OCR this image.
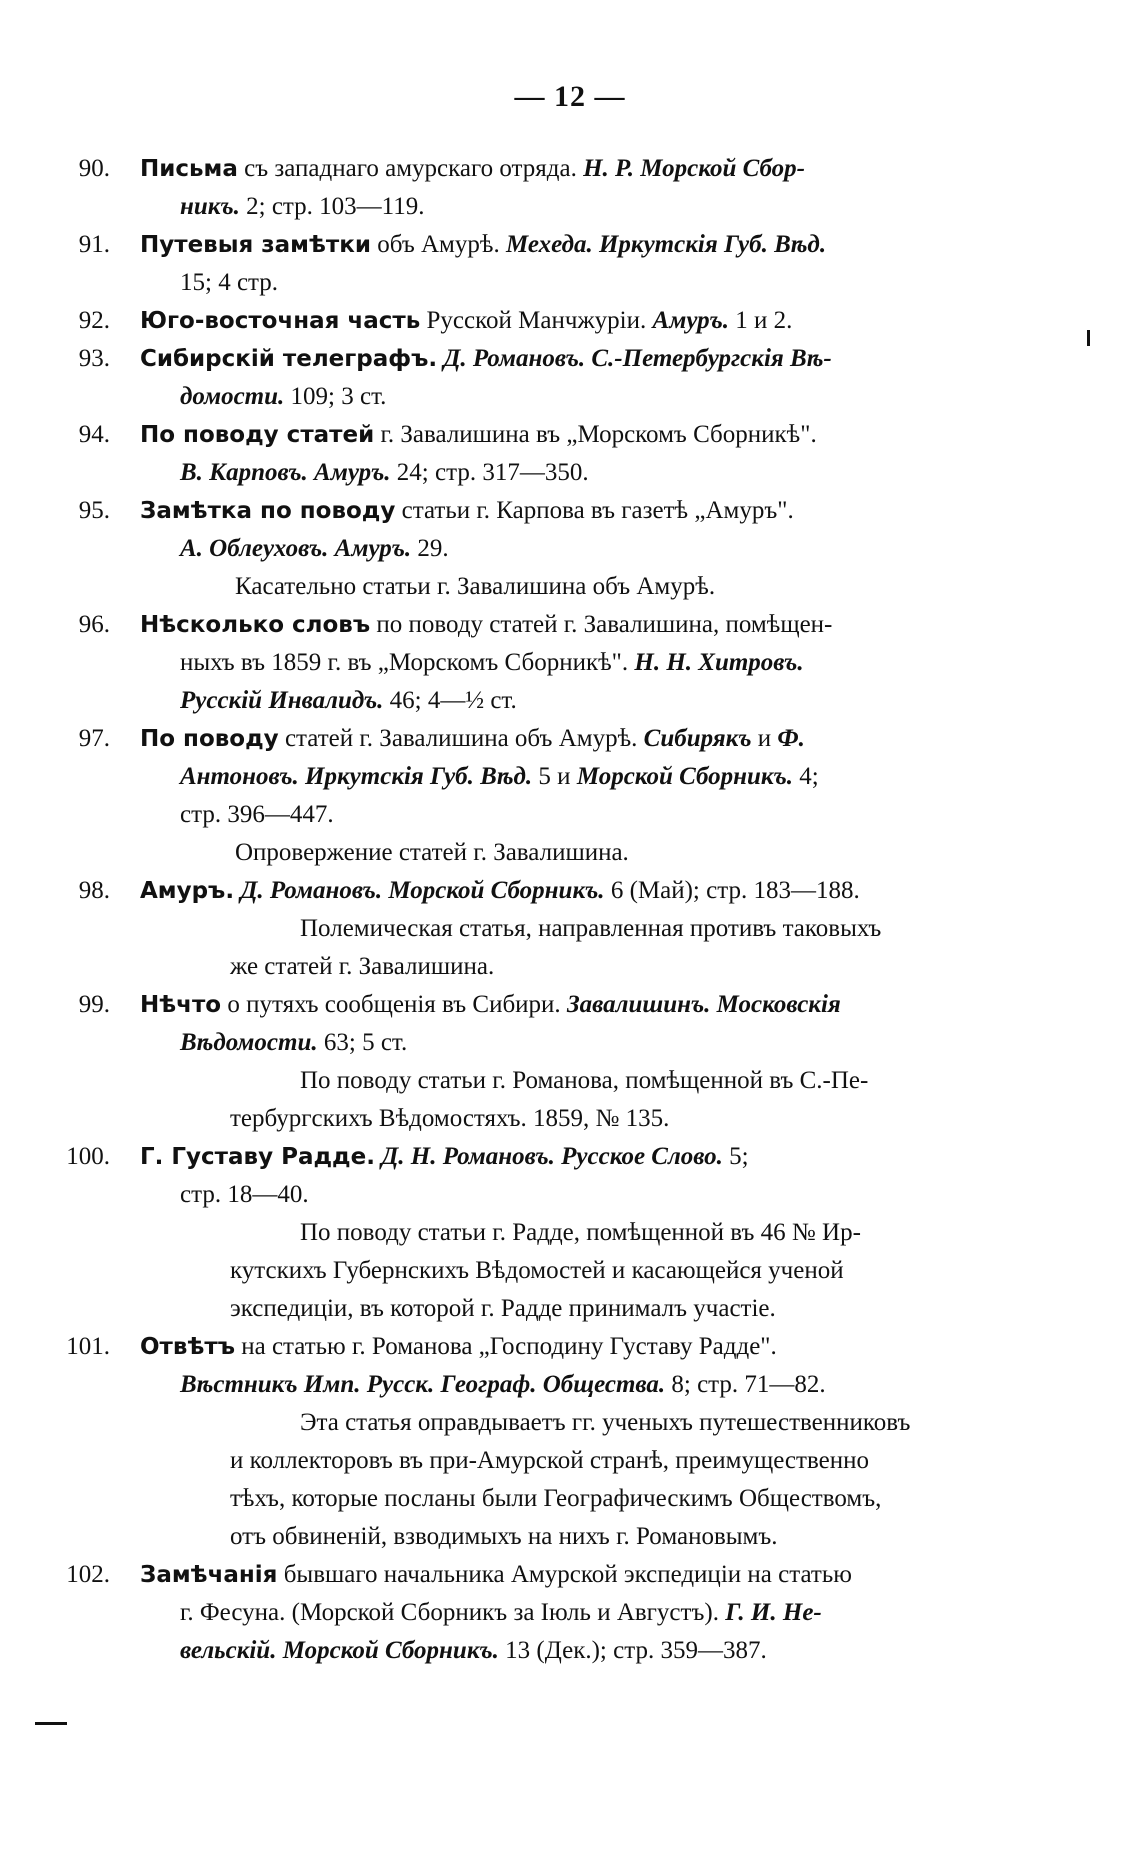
— 12 —
90. Письма съ западнаго амурскаго отряда. Н. Р. Морской Сбор-
никъ. 2; стр. 103—119.
91. Путевыя замѣтки объ Амурѣ. Мехеда. Иркутскія Губ. Вѣд.
15; 4 стр.
92. Юго-восточная часть Русской Манчжуріи. Амуръ. 1 и 2.
93. Сибирскій телеграфъ. Д. Романовъ. С.-Петербургскія Вѣ-
домости. 109; 3 ст.
94. По поводу статей г. Завалишина въ „Морскомъ Сборникѣ".
В. Карповъ. Амуръ. 24; стр. 317—350.
95. Замѣтка по поводу статьи г. Карпова въ газетѣ „Амуръ".
А. Облеуховъ. Амуръ. 29.
Касательно статьи г. Завалишина объ Амурѣ.
96. Нѣсколько словъ по поводу статей г. Завалишина, помѣщен-
ныхъ въ 1859 г. въ „Морскомъ Сборникѣ". Н. Н. Хитровъ.
Русскій Инвалидъ. 46; 4—½ ст.
97. По поводу статей г. Завалишина объ Амурѣ. Сибирякъ и Ф.
Антоновъ. Иркутскія Губ. Вѣд. 5 и Морской Сборникъ. 4;
стр. 396—447.
Опровержение статей г. Завалишина.
98. Амуръ. Д. Романовъ. Морской Сборникъ. 6 (Май); стр. 183—188.
Полемическая статья, направленная противъ таковыхъ
же статей г. Завалишина.
99. Нѣчто о путяхъ сообщенія въ Сибири. Завалишинъ. Московскія
Вѣдомости. 63; 5 ст.
По поводу статьи г. Романова, помѣщенной въ С.-Пе-
тербургскихъ Вѣдомостяхъ. 1859, № 135.
100. Г. Густаву Радде. Д. Н. Романовъ. Русское Слово. 5;
стр. 18—40.
По поводу статьи г. Радде, помѣщенной въ 46 № Ир-
кутскихъ Губернскихъ Вѣдомостей и касающейся ученой
экспедиціи, въ которой г. Радде принималъ участіе.
101. Отвѣтъ на статью г. Романова „Господину Густаву Радде".
Вѣстникъ Имп. Русск. Географ. Общества. 8; стр. 71—82.
Эта статья оправдываетъ гг. ученыхъ путешественниковъ
и коллекторовъ въ при-Амурской странѣ, преимущественно
тѣхъ, которые посланы были Географическимъ Обществомъ,
отъ обвиненій, взводимыхъ на нихъ г. Романовымъ.
102. Замѣчанія бывшаго начальника Амурской экспедиціи на статью
г. Фесуна. (Морской Сборникъ за Іюль и Августъ). Г. И. Не-
вельскій. Морской Сборникъ. 13 (Дек.); стр. 359—387.
